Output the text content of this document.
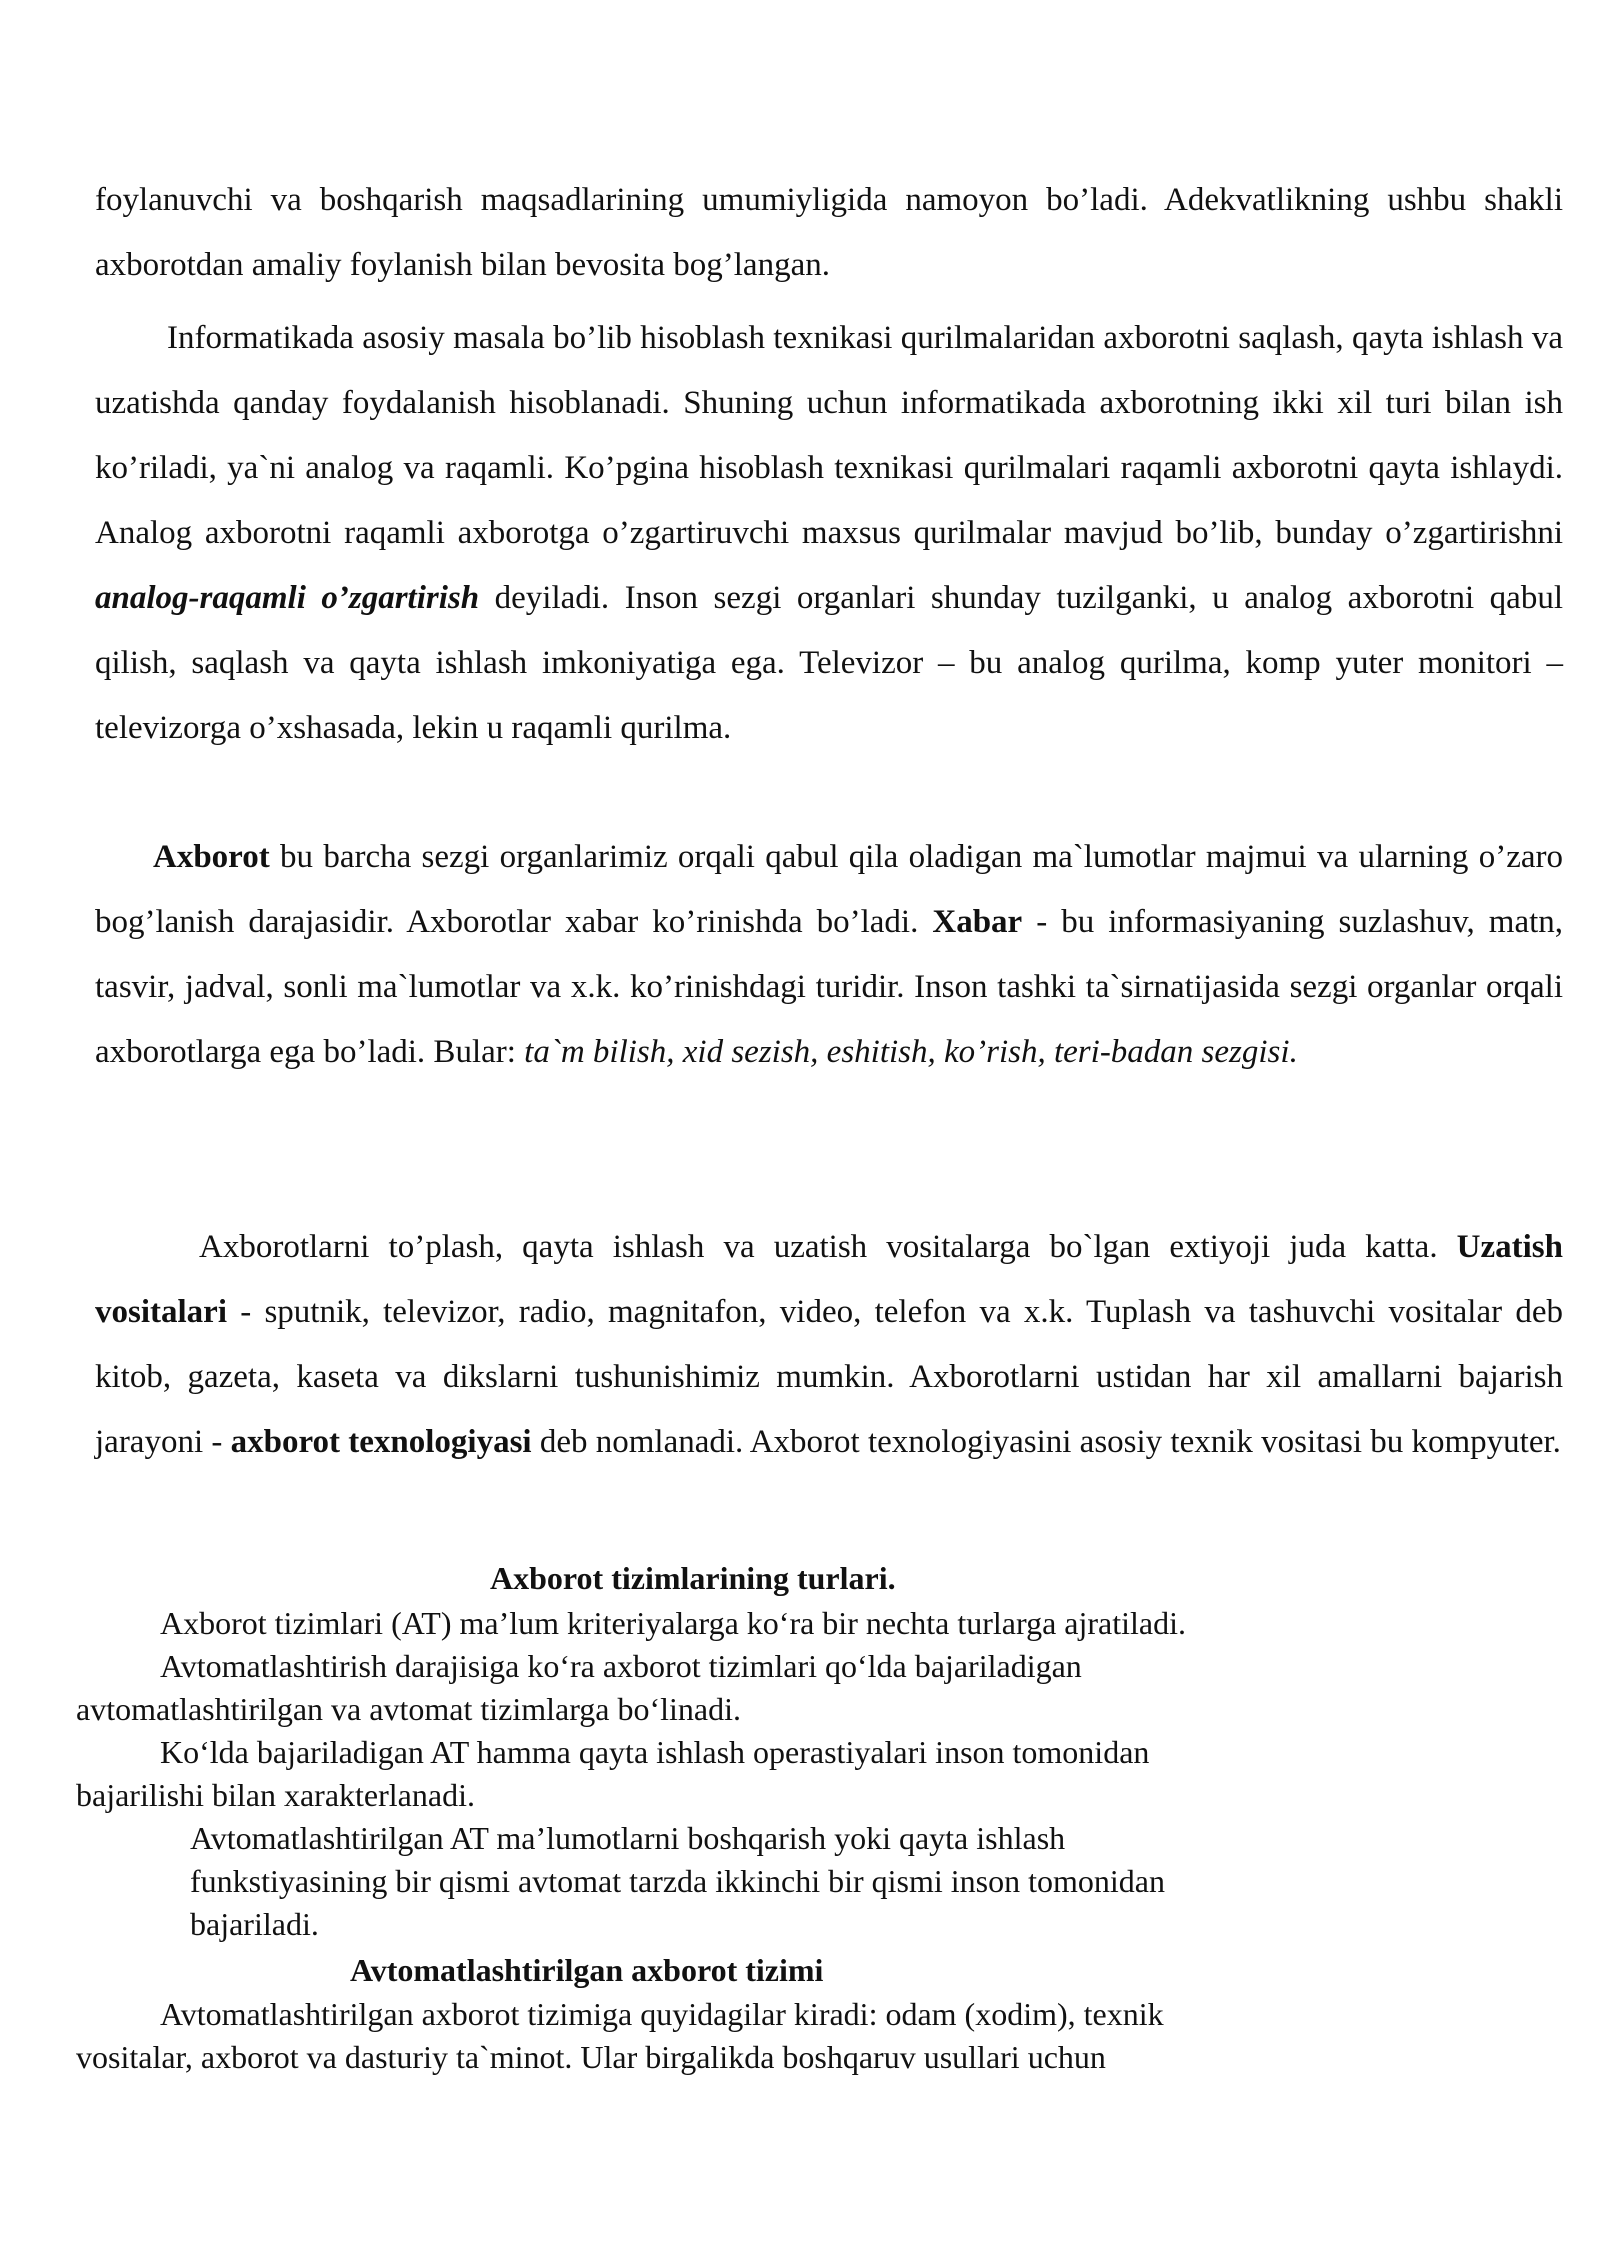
foylanuvchi va boshqarish maqsadlarining umumiyligida namoyon bo’ladi. Adekvatlikning ushbu shakli axborotdan amaliy foylanish bilan bevosita bog’langan.

Informatikada asosiy masala bo’lib hisoblash texnikasi qurilmalaridan axborotni saqlash, qayta ishlash va uzatishda qanday foydalanish hisoblanadi. Shuning uchun informatikada axborotning ikki xil turi bilan ish ko’riladi, ya`ni analog va raqamli. Ko’pgina hisoblash texnikasi qurilmalari raqamli axborotni qayta ishlaydi. Analog axborotni raqamli axborotga o’zgartiruvchi maxsus qurilmalar mavjud bo’lib, bunday o’zgartirishni analog-raqamli o’zgartirish deyiladi. Inson sezgi organlari shunday tuzilganki, u analog axborotni qabul qilish, saqlash va qayta ishlash imkoniyatiga ega. Televizor – bu analog qurilma, komp yuter monitori – televizorga o’xshasada, lekin u raqamli qurilma.

Axborot bu barcha sezgi organlarimiz orqali qabul qila oladigan ma`lumotlar majmui va ularning o’zaro bog’lanish darajasidir. Axborotlar xabar ko’rinishda bo’ladi. Xabar - bu informasiyaning suzlashuv, matn, tasvir, jadval, sonli ma`lumotlar va x.k. ko’rinishdagi turidir. Inson tashki ta`sirnatijasida sezgi organlar orqali axborotlarga ega bo’ladi. Bular: ta`m bilish, xid sezish, eshitish, ko’rish, teri-badan sezgisi.

Axborotlarni to’plash, qayta ishlash va uzatish vositalarga bo`lgan extiyoji juda katta. Uzatish vositalari - sputnik, televizor, radio, magnitafon, video, telefon va x.k. Tuplash va tashuvchi vositalar deb kitob, gazeta, kaseta va dikslarni tushunishimiz mumkin. Axborotlarni ustidan har xil amallarni bajarish jarayoni - axborot texnologiyasi deb nomlanadi. Axborot texnologiyasini asosiy texnik vositasi bu kompyuter.

Axborot tizimlarining turlari.

Axborot tizimlari (AT) ma’lum kriteriyalarga ko‘ra bir nechta turlarga ajratiladi.

Avtomatlashtirish darajisiga ko‘ra axborot tizimlari qo‘lda bajariladigan

avtomatlashtirilgan va avtomat tizimlarga bo‘linadi.

Ko‘lda bajariladigan AT hamma qayta ishlash operastiyalari inson tomonidan

bajarilishi bilan xarakterlanadi.

Avtomatlashtirilgan AT ma’lumotlarni boshqarish yoki qayta ishlash

funkstiyasining bir qismi avtomat tarzda ikkinchi bir qismi inson tomonidan

bajariladi.

Avtomatlashtirilgan axborot tizimi

Avtomatlashtirilgan axborot tizimiga quyidagilar kiradi: odam (xodim), texnik

vositalar, axborot va dasturiy ta`minot. Ular birgalikda boshqaruv usullari uchun
